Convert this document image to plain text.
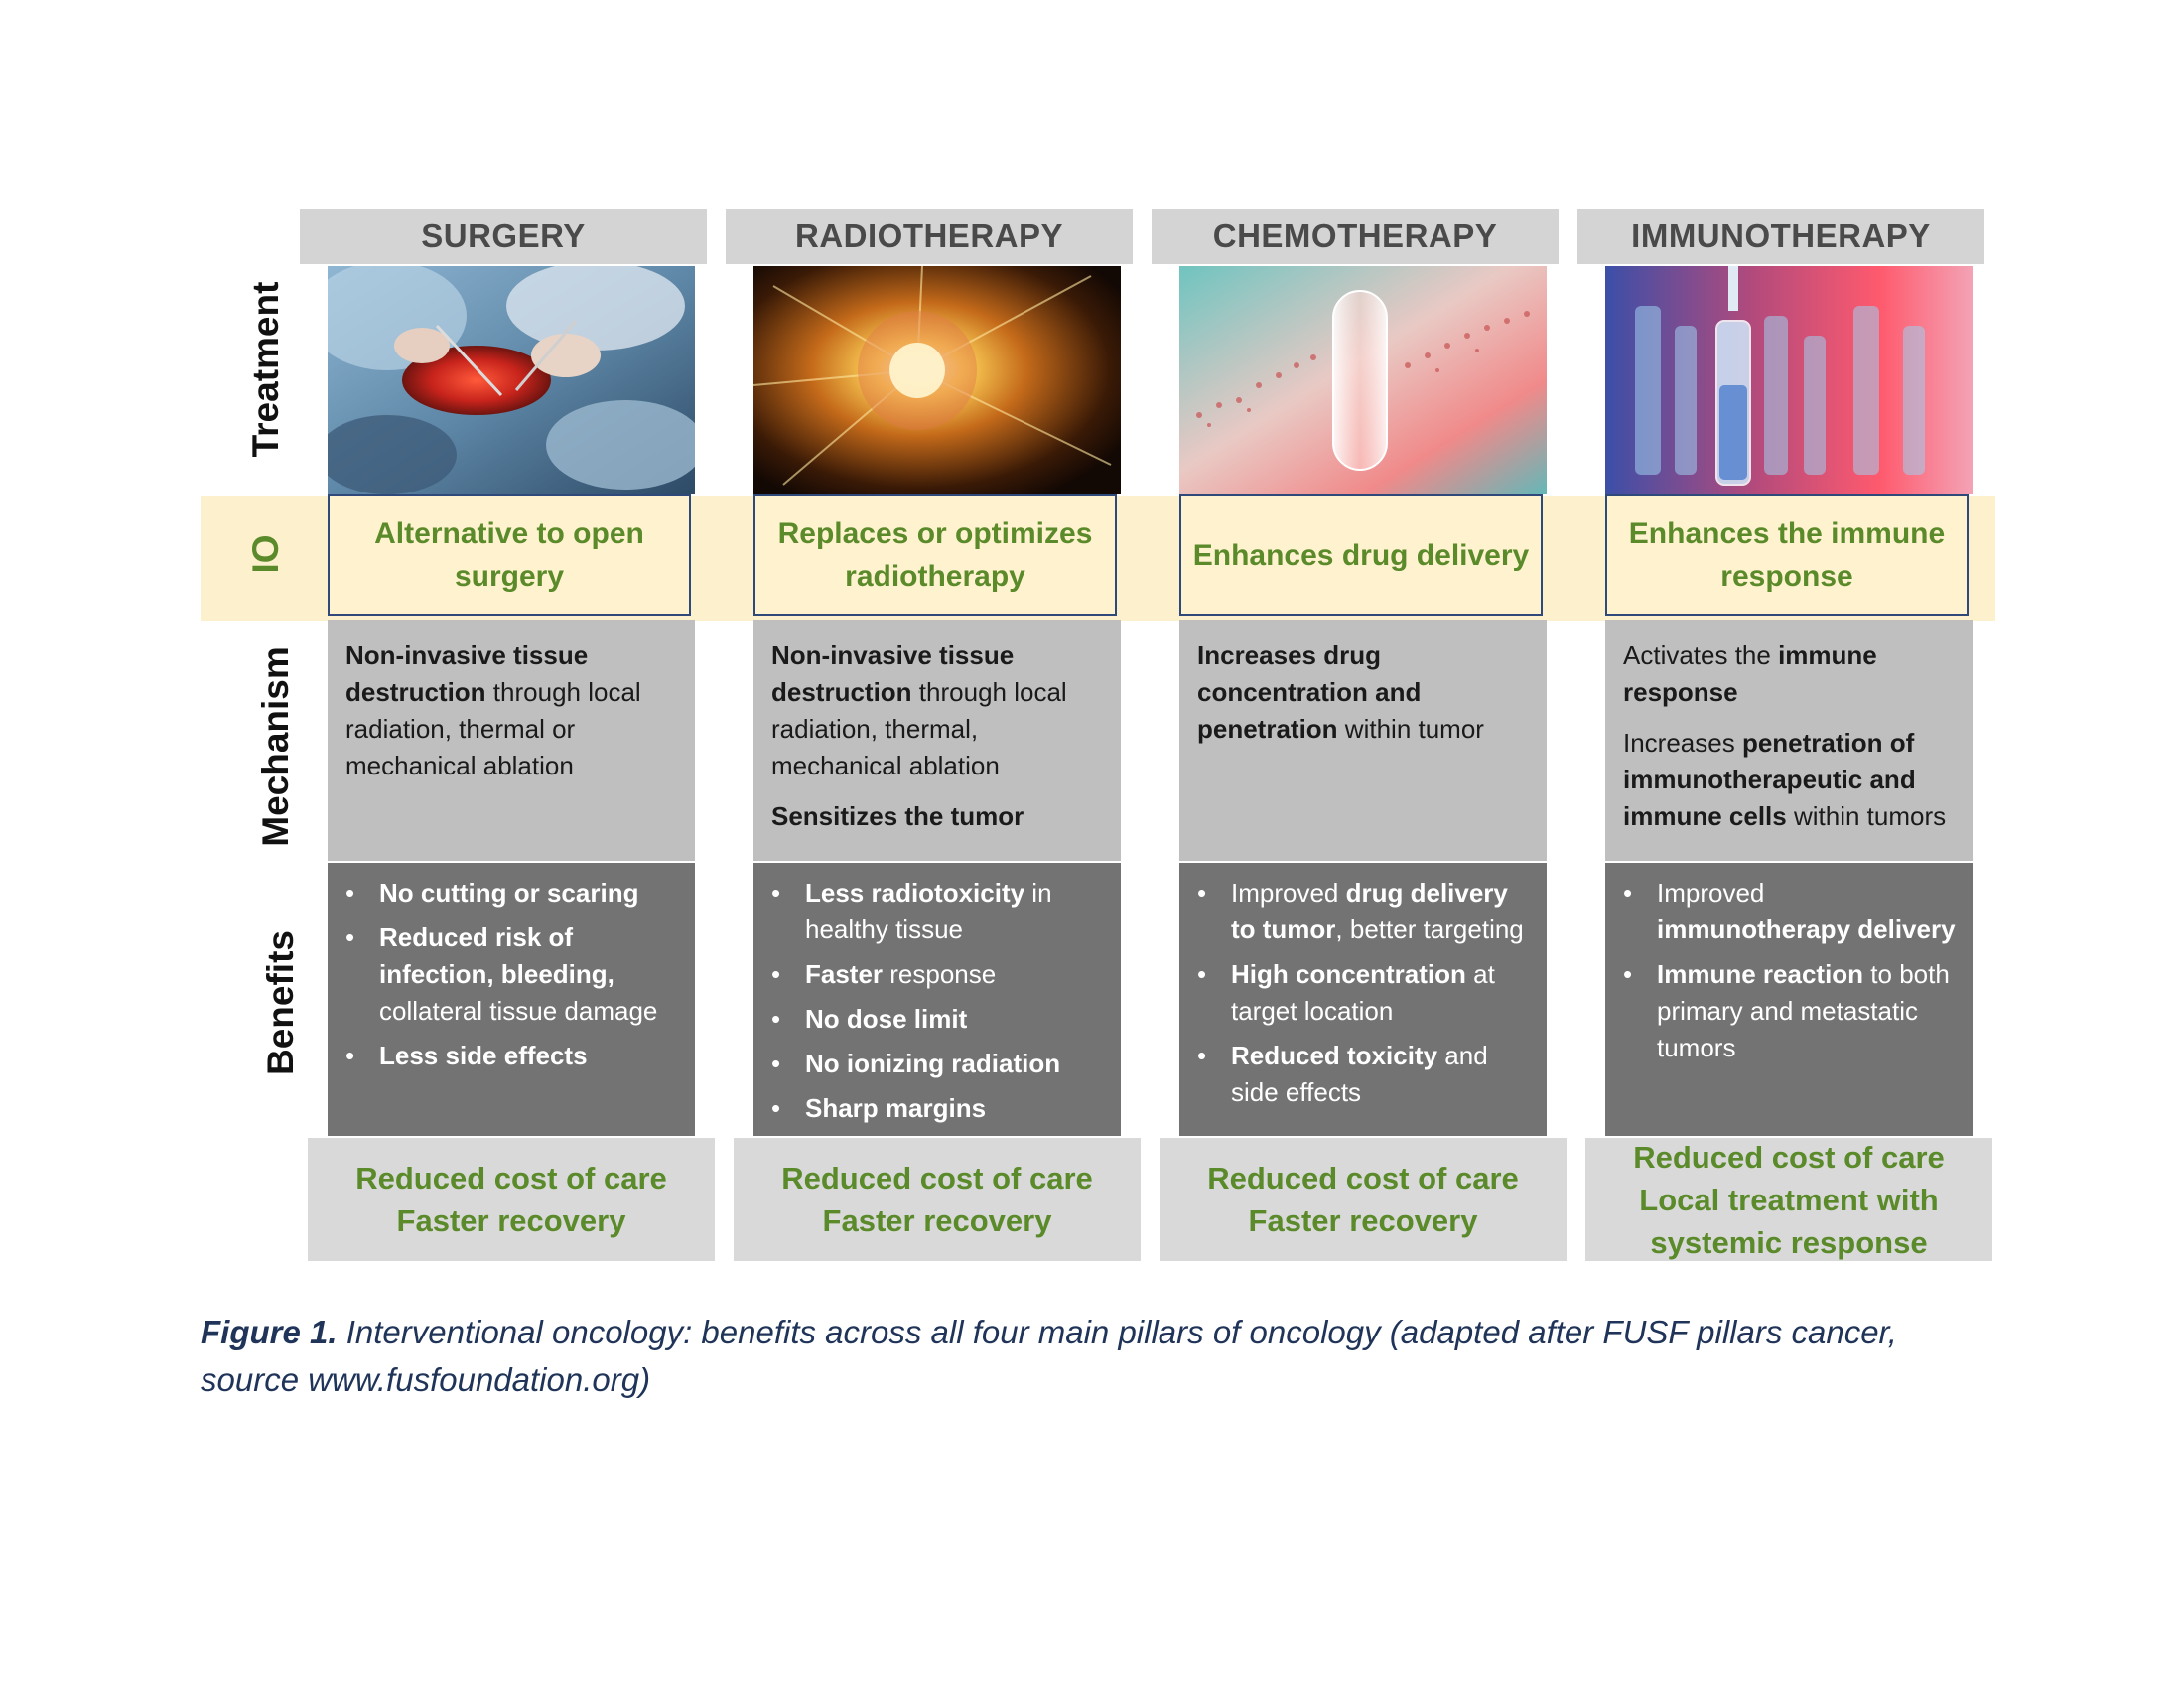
Treatment
IO
Mechanism
Benefits
SURGERY
Alternative to open surgery

Non-invasive tissue destruction through local radiation, thermal or mechanical ablation

• No cutting or scaring
• Reduced risk of infection, bleeding, collateral tissue damage
• Less side effects
Reduced cost of care
Faster recovery
RADIOTHERAPY
Replaces or optimizes radiotherapy

Non-invasive tissue destruction through local radiation, thermal, mechanical ablation

Sensitizes the tumor

• Less radiotoxicity in healthy tissue
• Faster response
• No dose limit
• No ionizing radiation
• Sharp margins
Reduced cost of care
Faster recovery
CHEMOTHERAPY
Enhances drug delivery

Increases drug concentration and penetration within tumor

• Improved drug delivery to tumor, better targeting
• High concentration at target location
• Reduced toxicity and side effects
Reduced cost of care
Faster recovery
IMMUNOTHERAPY
Enhances the immune response

Activates the immune response

Increases penetration of immunotherapeutic and immune cells within tumors

• Improved immunotherapy delivery
• Immune reaction to both primary and metastatic tumors
Reduced cost of care
Local treatment with systemic response
Figure 1. Interventional oncology: benefits across all four main pillars of oncology (adapted after FUSF pillars cancer, source www.fusfoundation.org)
